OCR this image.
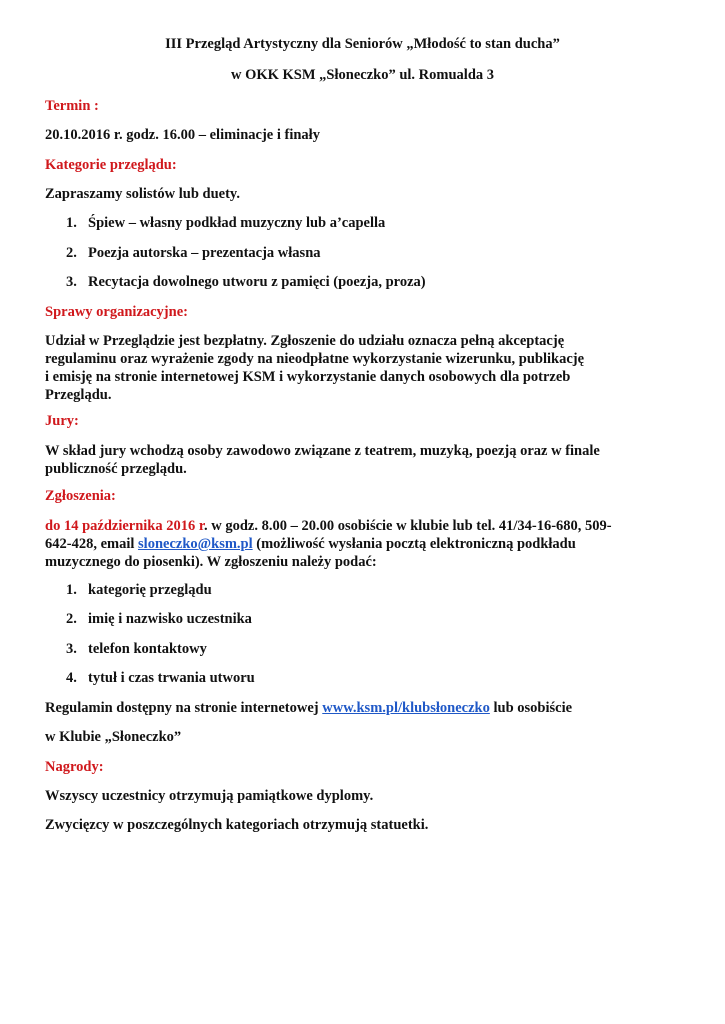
III Przegląd Artystyczny dla Seniorów „Młodość to stan ducha”
w OKK KSM „Słoneczko” ul. Romualda 3
Termin :
20.10.2016 r. godz. 16.00 – eliminacje i finały
Kategorie przeglądu:
Zapraszamy solistów lub duety.
1. Śpiew – własny podkład muzyczny lub a’capella
2. Poezja autorska – prezentacja własna
3. Recytacja dowolnego utworu z pamięci (poezja, proza)
Sprawy organizacyjne:
Udział w Przeglądzie jest bezpłatny. Zgłoszenie do udziału oznacza pełną akceptację
regulaminu oraz wyrażenie zgody na nieodpłatne wykorzystanie wizerunku, publikację
i emisję na stronie internetowej KSM i wykorzystanie danych osobowych dla potrzeb
Przeglądu.
Jury:
W skład jury wchodzą osoby zawodowo związane z teatrem, muzyką, poezją oraz w finale
publiczność przeglądu.
Zgłoszenia:
do 14 października 2016 r. w godz. 8.00 – 20.00 osobiście w klubie lub tel. 41/34-16-680, 509-
642-428, email sloneczko@ksm.pl (możliwość wysłania pocztą elektroniczną podkładu
muzycznego do piosenki). W zgłoszeniu należy podać:
1. kategorię przeglądu
2. imię i nazwisko uczestnika
3. telefon kontaktowy
4. tytuł i czas trwania utworu
Regulamin dostępny na stronie internetowej www.ksm.pl/klubsłoneczko lub osobiście
w Klubie „Słoneczko”
Nagrody:
Wszyscy uczestnicy otrzymują pamiątkowe dyplomy.
Zwycięzcy w poszczególnych kategoriach otrzymują statuetki.
